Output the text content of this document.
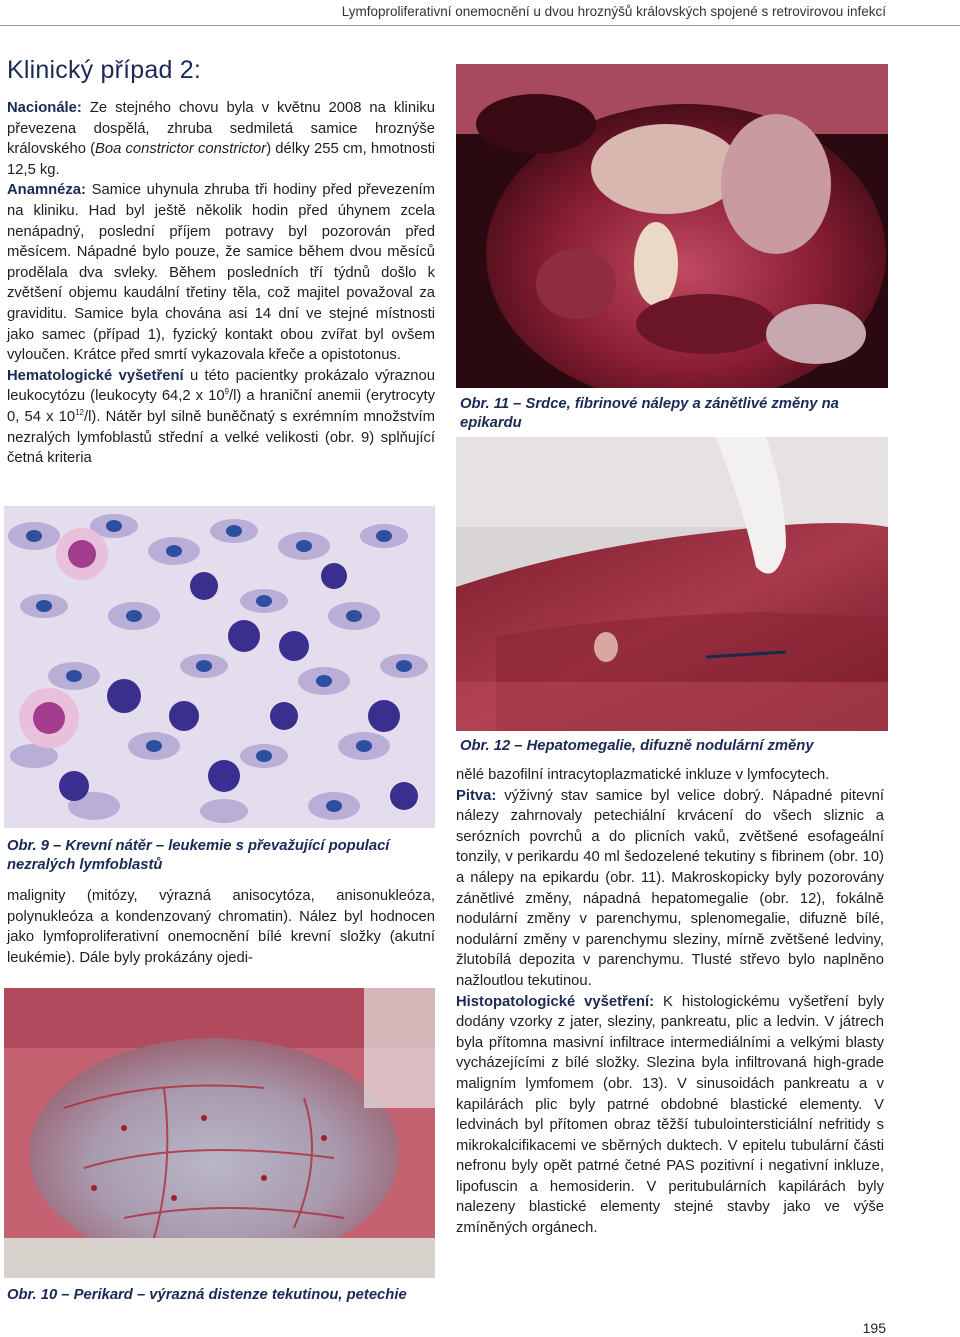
Lymfoproliferativní onemocnění u dvou hroznýšů královských spojené s retrovirovou infekcí
Klinický případ 2:

Nacionále: Ze stejného chovu byla v květnu 2008 na kliniku převezena dospělá, zhruba sedmiletá samice hroznýše královského (Boa constrictor constrictor) délky 255 cm, hmotnosti 12,5 kg.

Anamnéza: Samice uhynula zhruba tři hodiny před převezením na kliniku. Had byl ještě několik hodin před úhynem zcela nenápadný, poslední příjem potravy byl pozorován před měsícem. Nápadné bylo pouze, že samice během dvou měsíců prodělala dva svleky. Během posledních tří týdnů došlo k zvětšení objemu kaudální třetiny těla, což majitel považoval za graviditu. Samice byla chována asi 14 dní ve stejné místnosti jako samec (případ 1), fyzický kontakt obou zvířat byl ovšem vyloučen. Krátce před smrtí vykazovala křeče a opistotonus.

Hematologické vyšetření u této pacientky prokázalo výraznou leukocytózu (leukocyty 64,2 x $10^9/l$) a hraniční anemii (erytrocyty 0, 54 x $10^{12}/l$). Nátěr byl silně buněčnatý s exrémním množstvím nezralých lymfoblastů střední a velké velikosti (obr. 9) splňující četná kriteria

Obr. 11 – Srdce, fibrinové nálepy a zánětlivé změny na epikardu
Obr. 12 – Hepatomegalie, difuzně nodulární změny
Obr. 9 – Krevní nátěr – leukemie s převažující populací nezralých lymfoblastů

malignity (mitózy, výrazná anisocytóza, anisonukleóza, polynukleóza a kondenzovaný chromatin). Nález byl hodnocen jako lymfoproliferativní onemocnění bílé krevní složky (akutní leukémie). Dále byly prokázány ojedi-

Obr. 10 – Perikard – výrazná distenze tekutinou, petechie

nělé bazofilní intracytoplazmatické inkluze v lymfocytech.

Pitva: výživný stav samice byl velice dobrý. Nápadné pitevní nálezy zahrnovaly petechiální krvácení do všech sliznic a serózních povrchů a do plicních vaků, zvětšené esofageální tonzily, v perikardu 40 ml šedozelené tekutiny s fibrinem (obr. 10) a nálepy na epikardu (obr. 11). Makroskopicky byly pozorovány zánětlivé změny, nápadná hepatomegalie (obr. 12), fokálně nodulární změny v parenchymu, splenomegalie, difuzně bílé, nodulární změny v parenchymu sleziny, mírně zvětšené ledviny, žlutobílá depozita v parenchymu. Tlusté střevo bylo naplněno nažloutlou tekutinou.

Histopatologické vyšetření: K histologickému vyšetření byly dodány vzorky z jater, sleziny, pankreatu, plic a ledvin. V játrech byla přítomna masivní infiltrace intermediálními a velkými blasty vycházejícími z bílé složky. Slezina byla infiltrovaná high-grade maligním lymfomem (obr. 13). V sinusoidách pankreatu a v kapilárách plic byly patrné obdobné blastické elementy. V ledvinách byl přítomen obraz těžší tubulointersticiální nefritidy s mikrokalcifikacemi ve sběrných duktech. V epitelu tubulární části nefronu byly opět patrné četné PAS pozitivní i negativní inkluze, lipofuscin a hemosiderin. V peritubulárních kapilárách byly nalezeny blastické elementy stejné stavby jako ve výše zmíněných orgánech.

195
